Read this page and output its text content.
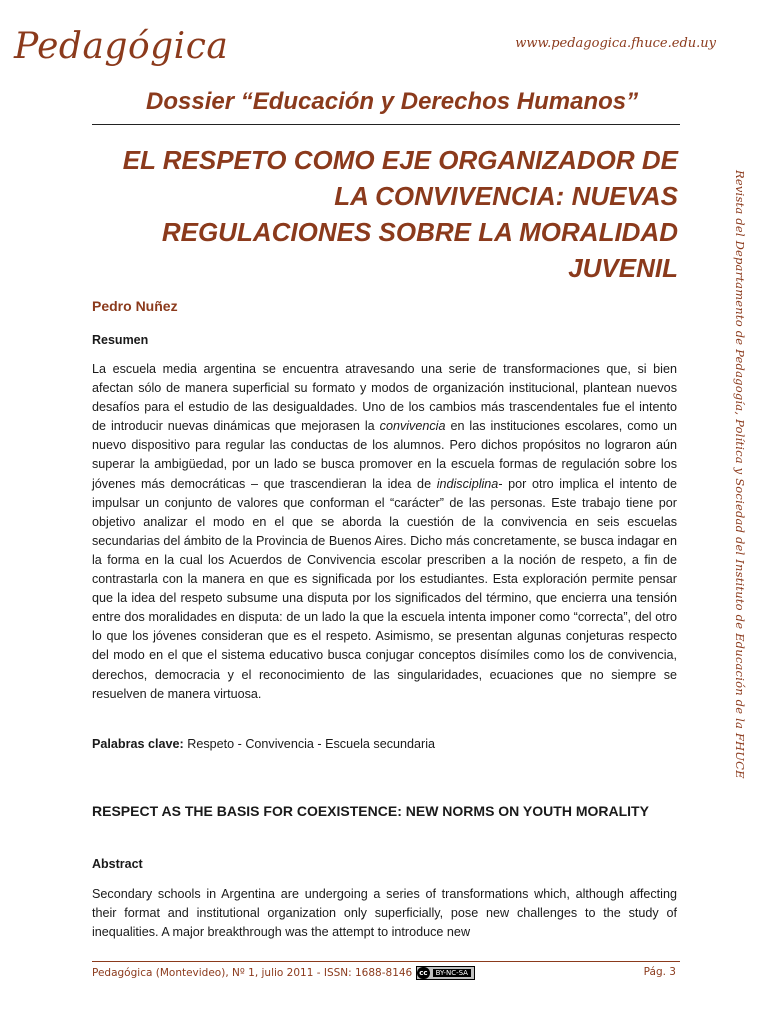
Pedagógica	www.pedagogica.fhuce.edu.uy
Dossier “Educación y Derechos Humanos”
EL RESPETO COMO EJE ORGANIZADOR DE
LA CONVIVENCIA: NUEVAS
REGULACIONES SOBRE LA MORALIDAD
JUVENIL
Pedro Nuñez
Resumen

La escuela media argentina se encuentra atravesando una serie de transformaciones que, si bien afectan sólo de manera superficial su formato y modos de organización institucional, plantean nuevos desafíos para el estudio de las desigualdades. Uno de los cambios más trascendentales fue el intento de introducir nuevas dinámicas que mejorasen la convivencia en las instituciones escolares, como un nuevo dispositivo para regular las conductas de los alumnos. Pero dichos propósitos no lograron aún superar la ambigüedad, por un lado se busca promover en la escuela formas de regulación sobre los jóvenes más democráticas – que trascendieran la idea de indisciplina- por otro implica el intento de impulsar un conjunto de valores que conforman el “carácter” de las personas. Este trabajo tiene por objetivo analizar el modo en el que se aborda la cuestión de la convivencia en seis escuelas secundarias del ámbito de la Provincia de Buenos Aires. Dicho más concretamente, se busca indagar en la forma en la cual los Acuerdos de Convivencia escolar prescriben a la noción de respeto, a fin de contrastarla con la manera en que es significada por los estudiantes. Esta exploración permite pensar que la idea del respeto subsume una disputa por los significados del término, que encierra una tensión entre dos moralidades en disputa: de un lado la que la escuela intenta imponer como “correcta”, del otro lo que los jóvenes consideran que es el respeto. Asimismo, se presentan algunas conjeturas respecto del modo en el que el sistema educativo busca conjugar conceptos disímiles como los de convivencia, derechos, democracia y el reconocimiento de las singularidades, ecuaciones que no siempre se resuelven de manera virtuosa.

Palabras clave: Respeto - Convivencia - Escuela secundaria

RESPECT AS THE BASIS FOR COEXISTENCE: NEW NORMS ON YOUTH MORALITY

Abstract

Secondary schools in Argentina are undergoing a series of transformations which, although affecting their format and institutional organization only superficially, pose new challenges to the study of inequalities. A major breakthrough was the attempt to introduce new

Revista del Departamento de Pedagogía, Política y Sociedad del Instituto de Educación de la FHUCE
Pedagógica (Montevideo), Nº 1, julio 2011 - ISSN: 1688-8146 cc BY-NC-SA	Pág. 3
